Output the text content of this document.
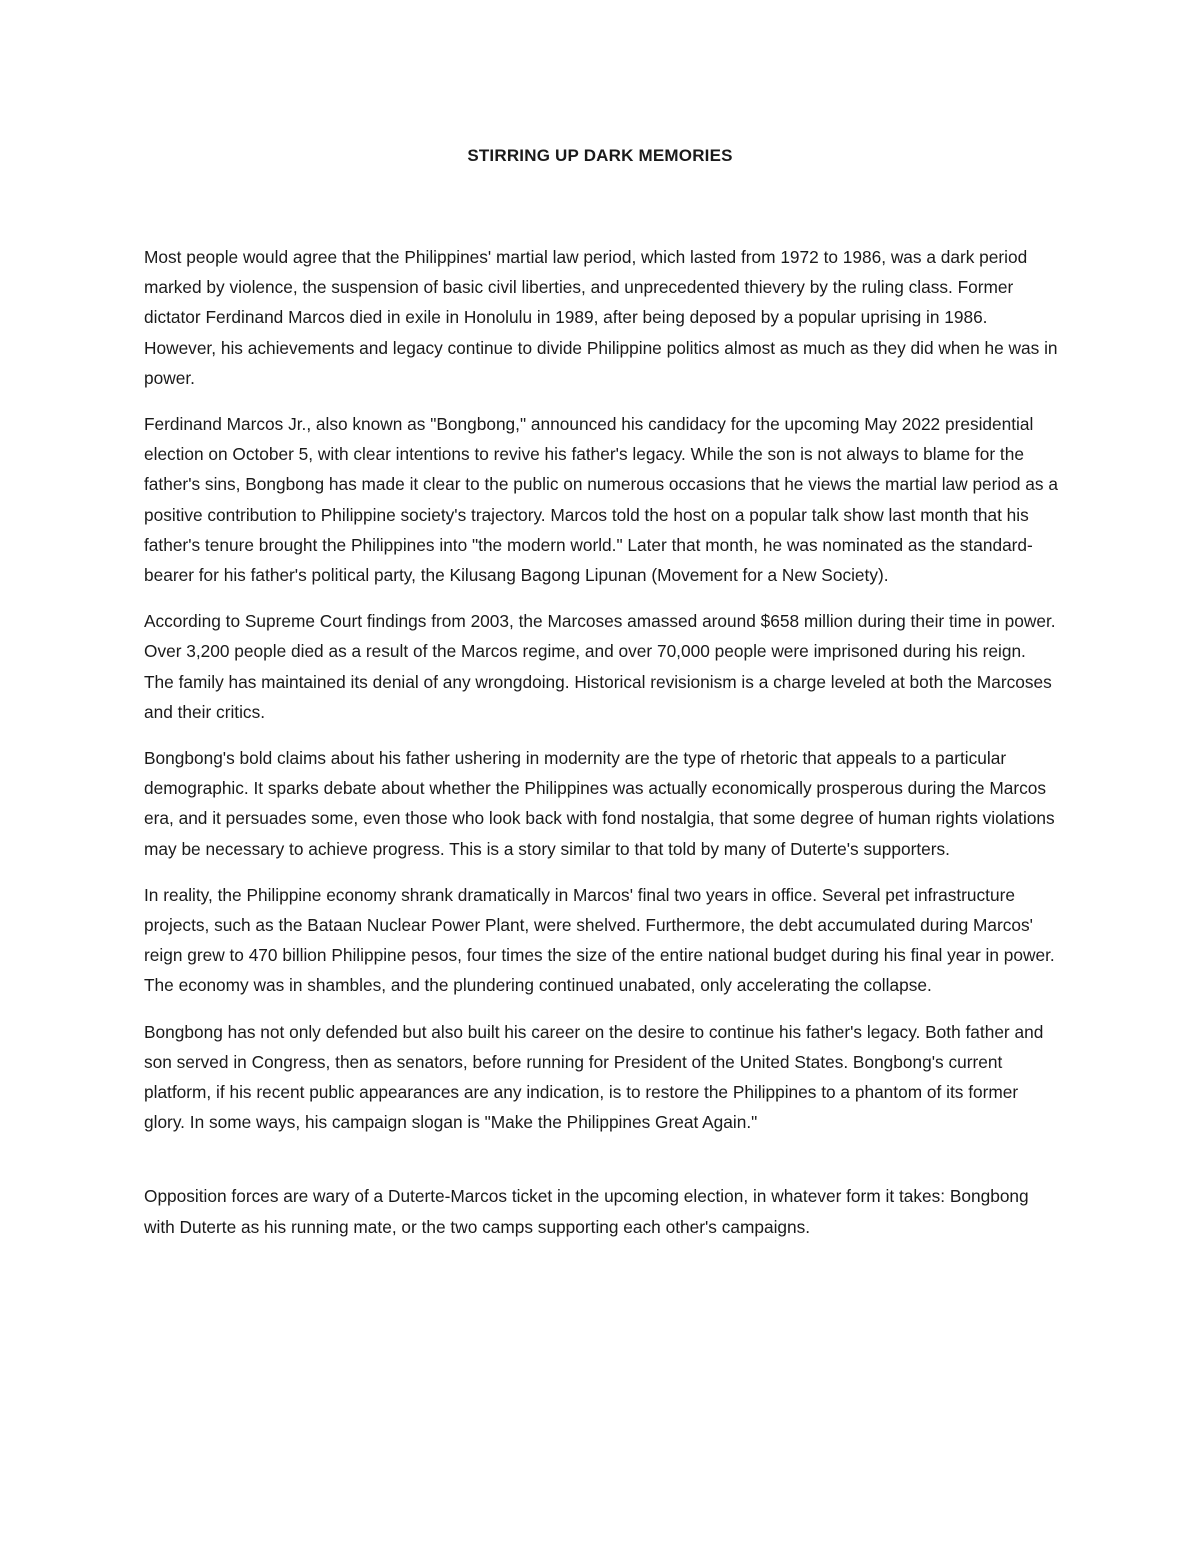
STIRRING UP DARK MEMORIES

Most people would agree that the Philippines' martial law period, which lasted from 1972 to 1986, was a dark period marked by violence, the suspension of basic civil liberties, and unprecedented thievery by the ruling class. Former dictator Ferdinand Marcos died in exile in Honolulu in 1989, after being deposed by a popular uprising in 1986. However, his achievements and legacy continue to divide Philippine politics almost as much as they did when he was in power.

Ferdinand Marcos Jr., also known as "Bongbong," announced his candidacy for the upcoming May 2022 presidential election on October 5, with clear intentions to revive his father's legacy. While the son is not always to blame for the father's sins, Bongbong has made it clear to the public on numerous occasions that he views the martial law period as a positive contribution to Philippine society's trajectory. Marcos told the host on a popular talk show last month that his father's tenure brought the Philippines into "the modern world." Later that month, he was nominated as the standard-bearer for his father's political party, the Kilusang Bagong Lipunan (Movement for a New Society).

According to Supreme Court findings from 2003, the Marcoses amassed around $658 million during their time in power. Over 3,200 people died as a result of the Marcos regime, and over 70,000 people were imprisoned during his reign. The family has maintained its denial of any wrongdoing. Historical revisionism is a charge leveled at both the Marcoses and their critics.

Bongbong's bold claims about his father ushering in modernity are the type of rhetoric that appeals to a particular demographic. It sparks debate about whether the Philippines was actually economically prosperous during the Marcos era, and it persuades some, even those who look back with fond nostalgia, that some degree of human rights violations may be necessary to achieve progress. This is a story similar to that told by many of Duterte's supporters.

In reality, the Philippine economy shrank dramatically in Marcos' final two years in office. Several pet infrastructure projects, such as the Bataan Nuclear Power Plant, were shelved. Furthermore, the debt accumulated during Marcos' reign grew to 470 billion Philippine pesos, four times the size of the entire national budget during his final year in power. The economy was in shambles, and the plundering continued unabated, only accelerating the collapse.

Bongbong has not only defended but also built his career on the desire to continue his father's legacy. Both father and son served in Congress, then as senators, before running for President of the United States. Bongbong's current platform, if his recent public appearances are any indication, is to restore the Philippines to a phantom of its former glory. In some ways, his campaign slogan is "Make the Philippines Great Again."

Opposition forces are wary of a Duterte-Marcos ticket in the upcoming election, in whatever form it takes: Bongbong with Duterte as his running mate, or the two camps supporting each other's campaigns.
